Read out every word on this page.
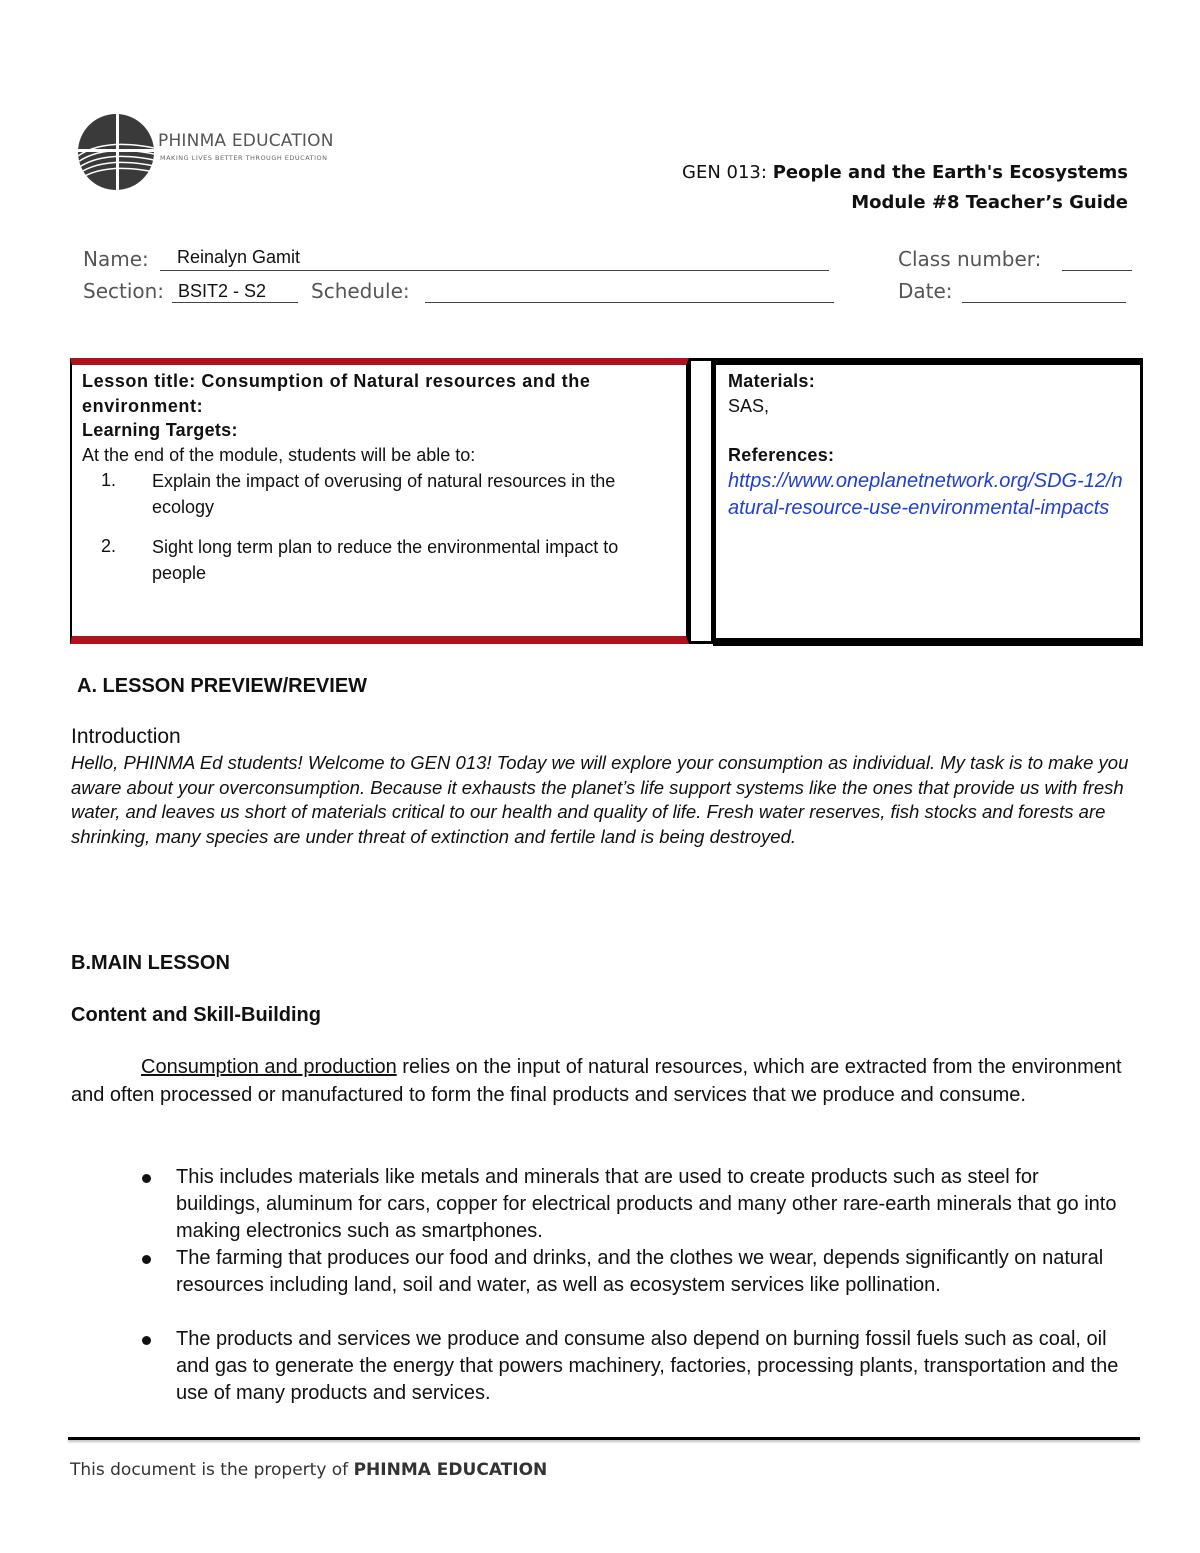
PHINMA EDUCATION
MAKING LIVES BETTER THROUGH EDUCATION
GEN 013: People and the Earth's Ecosystems
Module #8 Teacher’s Guide
Name: Reinalyn Gamit	Class number:
Section: BSIT2 - S2 Schedule:	Date:
Lesson title: Consumption of Natural resources and the environment:
Learning Targets:
At the end of the module, students will be able to:
1.	Explain the impact of overusing of natural resources in the ecology
2.	Sight long term plan to reduce the environmental impact to people
Materials:
SAS,
References:
https://www.oneplanetnetwork.org/SDG-12/natural-resource-use-environmental-impacts
A. LESSON PREVIEW/REVIEW
Introduction
Hello, PHINMA Ed students! Welcome to GEN 013! Today we will explore your consumption as individual. My task is to make you aware about your overconsumption. Because it exhausts the planet’s life support systems like the ones that provide us with fresh water, and leaves us short of materials critical to our health and quality of life. Fresh water reserves, fish stocks and forests are shrinking, many species are under threat of extinction and fertile land is being destroyed.
B.MAIN LESSON
Content and Skill-Building
Consumption and production relies on the input of natural resources, which are extracted from the environment and often processed or manufactured to form the final products and services that we produce and consume.
This includes materials like metals and minerals that are used to create products such as steel for buildings, aluminum for cars, copper for electrical products and many other rare-earth minerals that go into making electronics such as smartphones.
The farming that produces our food and drinks, and the clothes we wear, depends significantly on natural resources including land, soil and water, as well as ecosystem services like pollination.
The products and services we produce and consume also depend on burning fossil fuels such as coal, oil and gas to generate the energy that powers machinery, factories, processing plants, transportation and the use of many products and services.
This document is the property of PHINMA EDUCATION
